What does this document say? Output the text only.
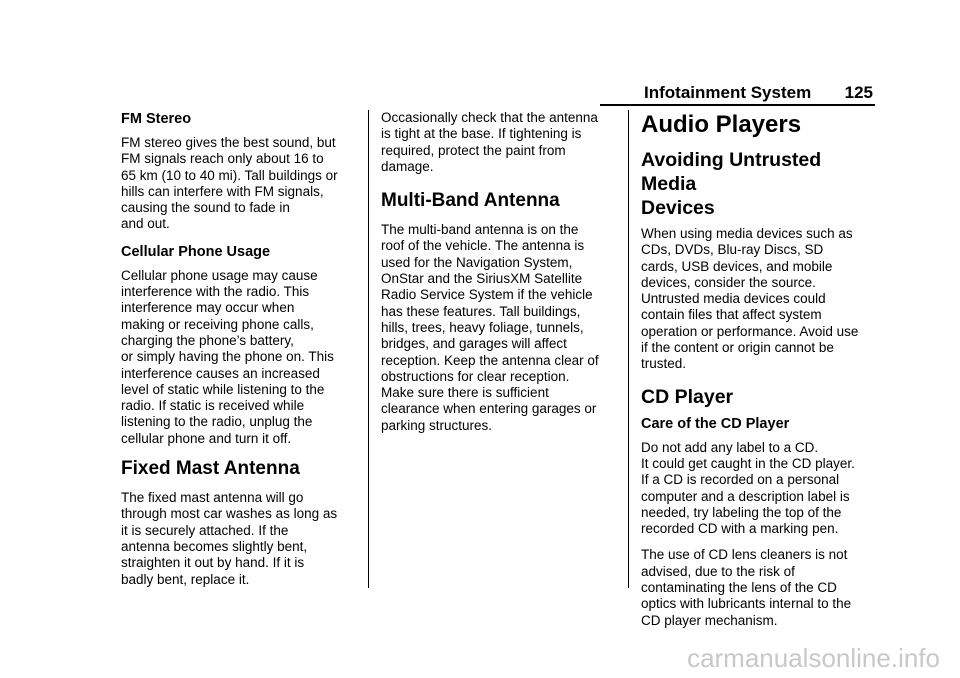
Infotainment System 125
FM Stereo
FM stereo gives the best sound, but
FM signals reach only about 16 to
65 km (10 to 40 mi). Tall buildings or
hills can interfere with FM signals,
causing the sound to fade in
and out.
Cellular Phone Usage
Cellular phone usage may cause
interference with the radio. This
interference may occur when
making or receiving phone calls,
charging the phone’s battery,
or simply having the phone on. This
interference causes an increased
level of static while listening to the
radio. If static is received while
listening to the radio, unplug the
cellular phone and turn it off.
Fixed Mast Antenna
The fixed mast antenna will go
through most car washes as long as
it is securely attached. If the
antenna becomes slightly bent,
straighten it out by hand. If it is
badly bent, replace it.
Occasionally check that the antenna
is tight at the base. If tightening is
required, protect the paint from
damage.
Multi-Band Antenna
The multi-band antenna is on the
roof of the vehicle. The antenna is
used for the Navigation System,
OnStar and the SiriusXM Satellite
Radio Service System if the vehicle
has these features. Tall buildings,
hills, trees, heavy foliage, tunnels,
bridges, and garages will affect
reception. Keep the antenna clear of
obstructions for clear reception.
Make sure there is sufficient
clearance when entering garages or
parking structures.
Audio Players
Avoiding Untrusted Media
Devices
When using media devices such as
CDs, DVDs, Blu-ray Discs, SD
cards, USB devices, and mobile
devices, consider the source.
Untrusted media devices could
contain files that affect system
operation or performance. Avoid use
if the content or origin cannot be
trusted.
CD Player
Care of the CD Player
Do not add any label to a CD.
It could get caught in the CD player.
If a CD is recorded on a personal
computer and a description label is
needed, try labeling the top of the
recorded CD with a marking pen.
The use of CD lens cleaners is not
advised, due to the risk of
contaminating the lens of the CD
optics with lubricants internal to the
CD player mechanism.
carmanualsonline.info
